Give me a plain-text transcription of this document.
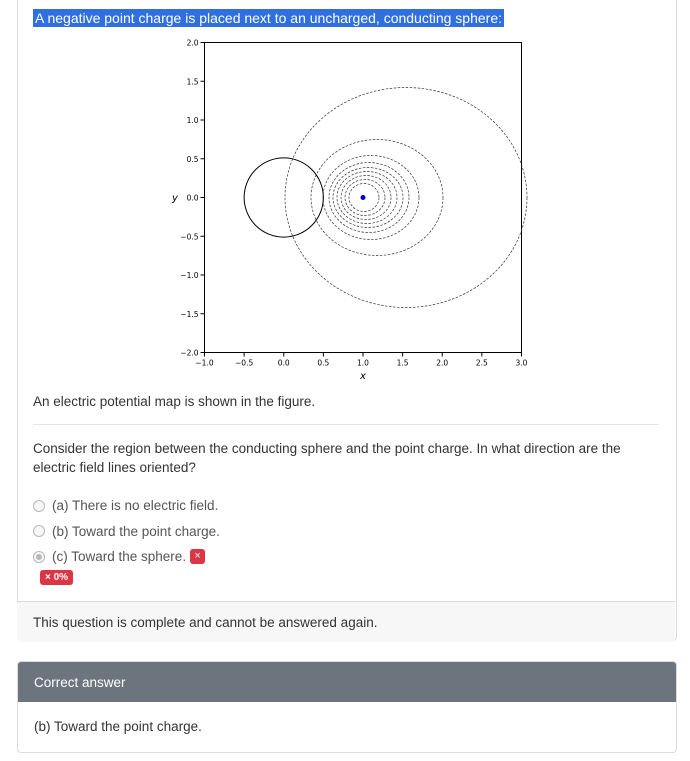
A negative point charge is placed next to an uncharged, conducting sphere:
2.0
1.5
1.0
0.5
0.0
−0.5
−1.0
−1.5
−2.0
−1.0	−0.5	0.0	0.5	1.0	1.5	2.0	2.5	3.0
y
x
An electric potential map is shown in the figure.
Consider the region between the conducting sphere and the point charge. In what direction are the electric field lines oriented?
(a) There is no electric field.
(b) Toward the point charge.
(c) Toward the sphere. ×
× 0%
This question is complete and cannot be answered again.
Correct answer
(b) Toward the point charge.
